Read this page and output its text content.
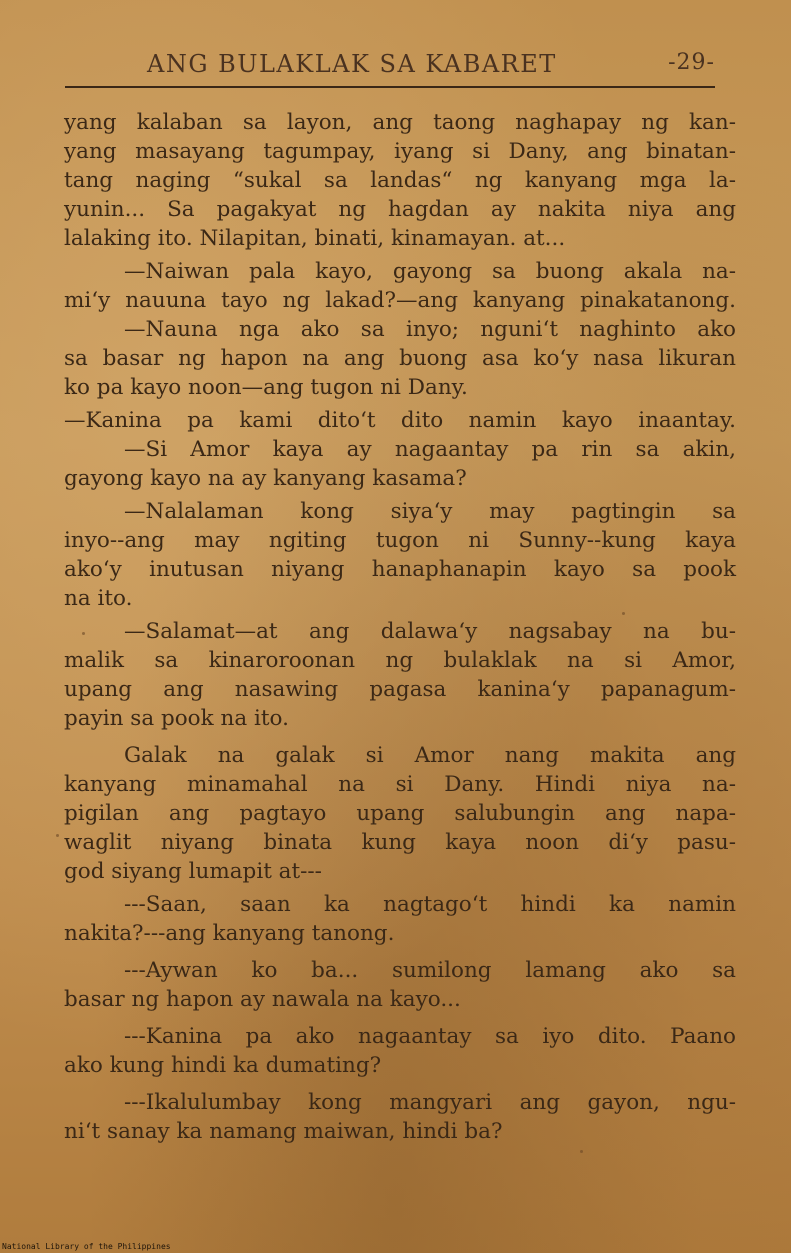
ANG BULAKLAK SA KABARET	-29-
yang kalaban sa layon, ang taong naghapay ng kan-
yang masayang tagumpay, iyang si Dany, ang binatan-
tang naging “sukal sa landas“ ng kanyang mga la-
yunin... Sa pagakyat ng hagdan ay nakita niya ang
lalaking ito. Nilapitan, binati, kinamayan. at...
—Naiwan pala kayo, gayong sa buong akala na-
mi‘y nauuna tayo ng lakad?—ang kanyang pinakatanong.
—Nauna nga ako sa inyo; nguni‘t naghinto ako
sa basar ng hapon na ang buong asa ko‘y nasa likuran
ko pa kayo noon—ang tugon ni Dany.
—Kanina pa kami dito‘t dito namin kayo inaantay.
—Si Amor kaya ay nagaantay pa rin sa akin,
gayong kayo na ay kanyang kasama?
—Nalalaman kong siya‘y may pagtingin sa
inyo--ang may ngiting tugon ni Sunny--kung kaya
ako‘y inutusan niyang hanaphanapin kayo sa pook
na ito.
—Salamat—at ang dalawa‘y nagsabay na bu-
malik sa kinaroroonan ng bulaklak na si Amor,
upang ang nasawing pagasa kanina‘y papanagum-
payin sa pook na ito.
Galak na galak si Amor nang makita ang
kanyang minamahal na si Dany. Hindi niya na-
pigilan ang pagtayo upang salubungin ang napa-
waglit niyang binata kung kaya noon di‘y pasu-
god siyang lumapit at---
---Saan, saan ka nagtago‘t hindi ka namin
nakita?---ang kanyang tanong.
---Aywan ko ba... sumilong lamang ako sa
basar ng hapon ay nawala na kayo...
---Kanina pa ako nagaantay sa iyo dito. Paano
ako kung hindi ka dumating?
---Ikalulumbay kong mangyari ang gayon, ngu-
ni‘t sanay ka namang maiwan, hindi ba?
National Library of the Philippines
